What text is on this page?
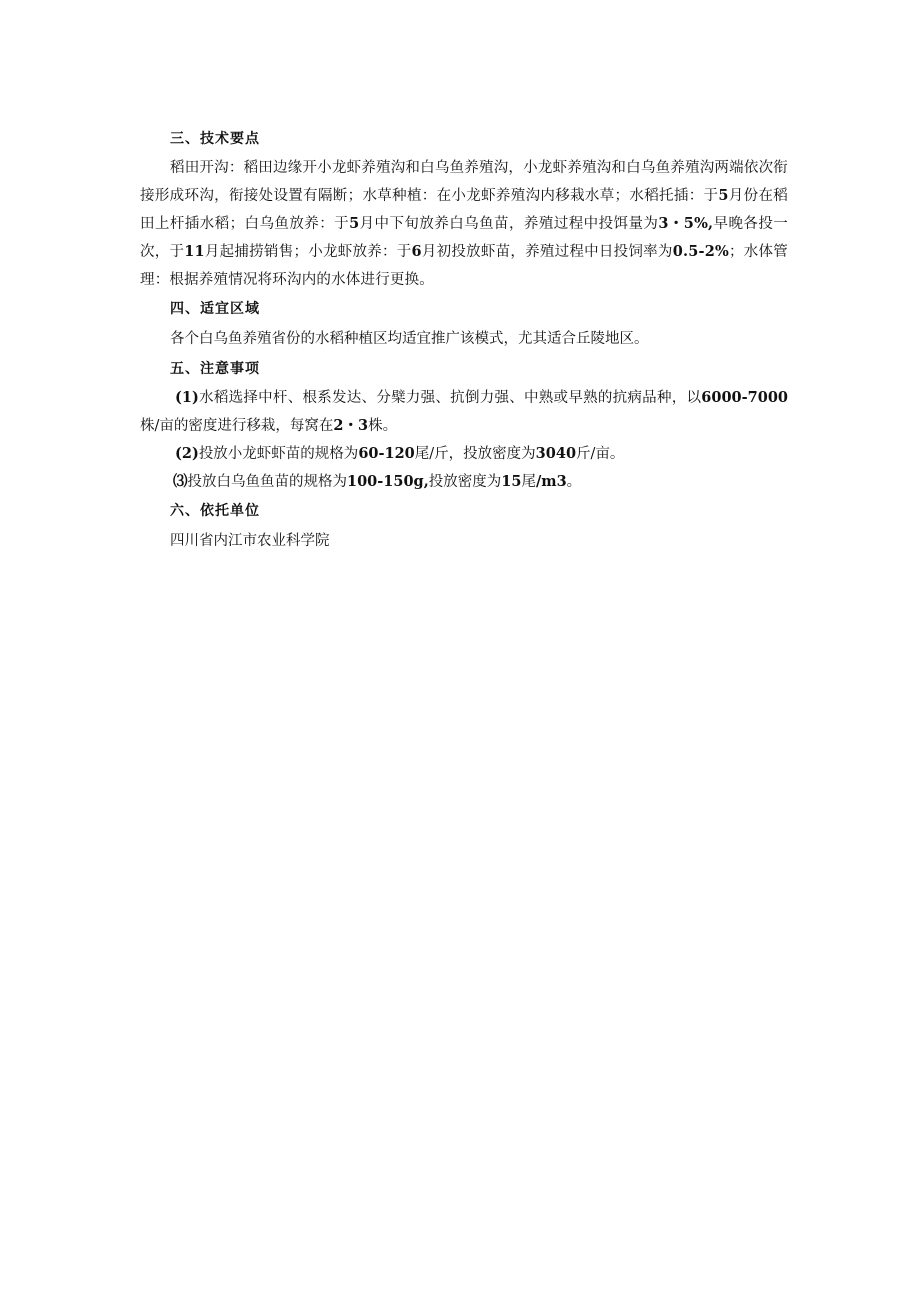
三、技术要点

稻田开沟：稻田边缘开小龙虾养殖沟和白乌鱼养殖沟，小龙虾养殖沟和白乌鱼养殖沟两端依次衔接形成环沟，衔接处设置有隔断；水草种植：在小龙虾养殖沟内移栽水草；水稻托插：于5月份在稻田上杆插水稻；白乌鱼放养：于5月中下旬放养白乌鱼苗，养殖过程中投饵量为3・5%,早晚各投一次，于11月起捕捞销售；小龙虾放养：于6月初投放虾苗，养殖过程中日投饲率为0.5-2%；水体管理：根据养殖情况将环沟内的水体进行更换。

四、适宜区域

各个白乌鱼养殖省份的水稻种植区均适宜推广该模式，尤其适合丘陵地区。

五、注意事项

(1)水稻选择中杆、根系发达、分檗力强、抗倒力强、中熟或早熟的抗病品种，以6000-7000株/亩的密度进行移栽，每窝在2・3株。

(2)投放小龙虾虾苗的规格为60-120尾/斤，投放密度为3040斤/亩。

⑶投放白乌鱼鱼苗的规格为100-150g,投放密度为15尾/m3。

六、依托单位

四川省内江市农业科学院
